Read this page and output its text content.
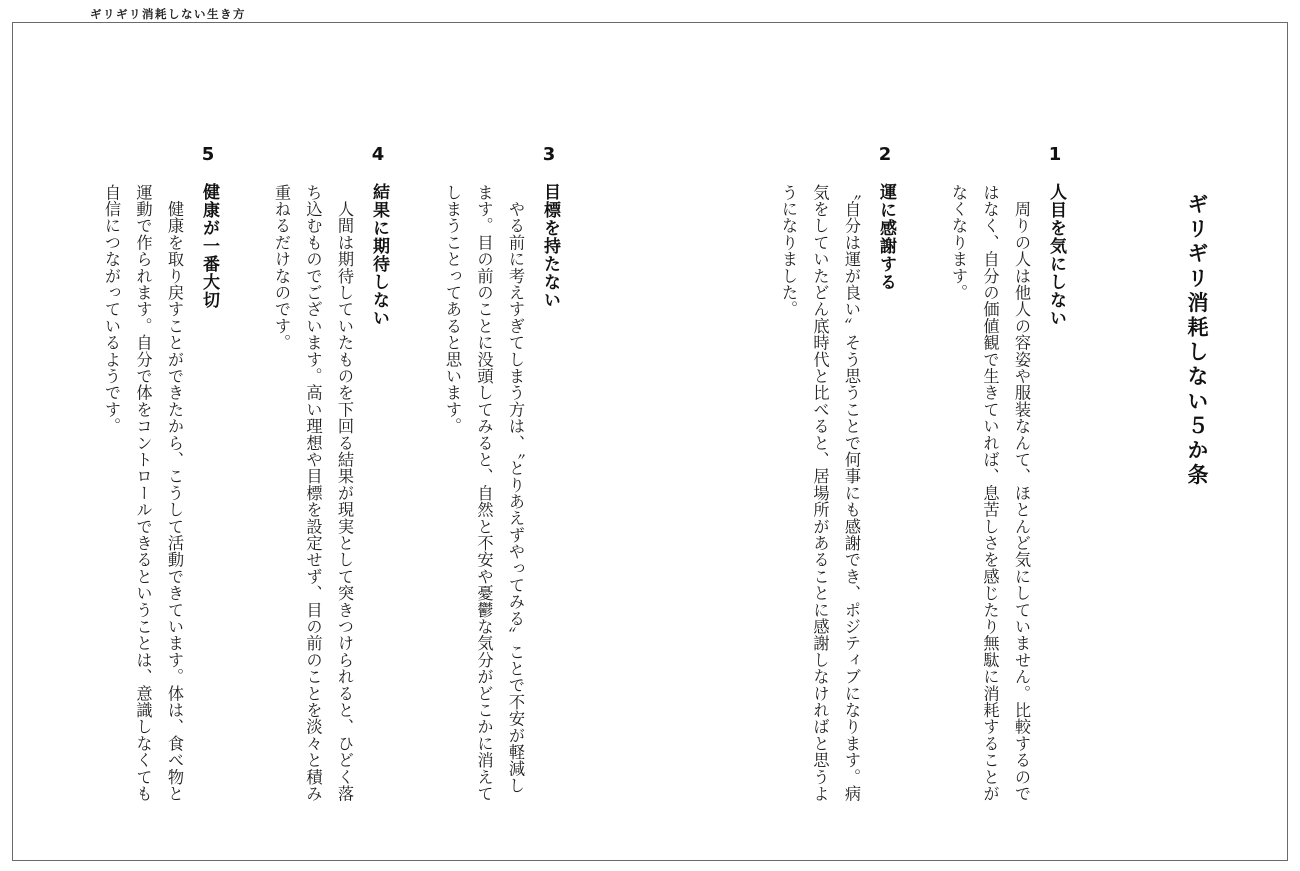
ギリギリ消耗しない生き方
ギリギリ消耗しない５か条
1
人目を気にしない
　周りの人は他人の容姿や服装なんて、ほとんど気にしていません。比較するのではなく、自分の価値観で生きていれば、息苦しさを感じたり無駄に消耗することがなくなります。
2
運に感謝する
〝自分は運が良い〟そう思うことで何事にも感謝でき、ポジティブになります。病気をしていたどん底時代と比べると、居場所があることに感謝しなければと思うようになりました。
3
目標を持たない
　やる前に考えすぎてしまう方は、〝とりあえずやってみる〟ことで不安が軽減します。目の前のことに没頭してみると、自然と不安や憂鬱な気分がどこかに消えてしまうことってあると思います。
4
結果に期待しない
　人間は期待していたものを下回る結果が現実として突きつけられると、ひどく落ち込むものでございます。高い理想や目標を設定せず、目の前のことを淡々と積み重ねるだけなのです。
5
健康が一番大切
　健康を取り戻すことができたから、こうして活動できています。体は、食べ物と運動で作られます。自分で体をコントロールできるということは、意識しなくても自信につながっているようです。
